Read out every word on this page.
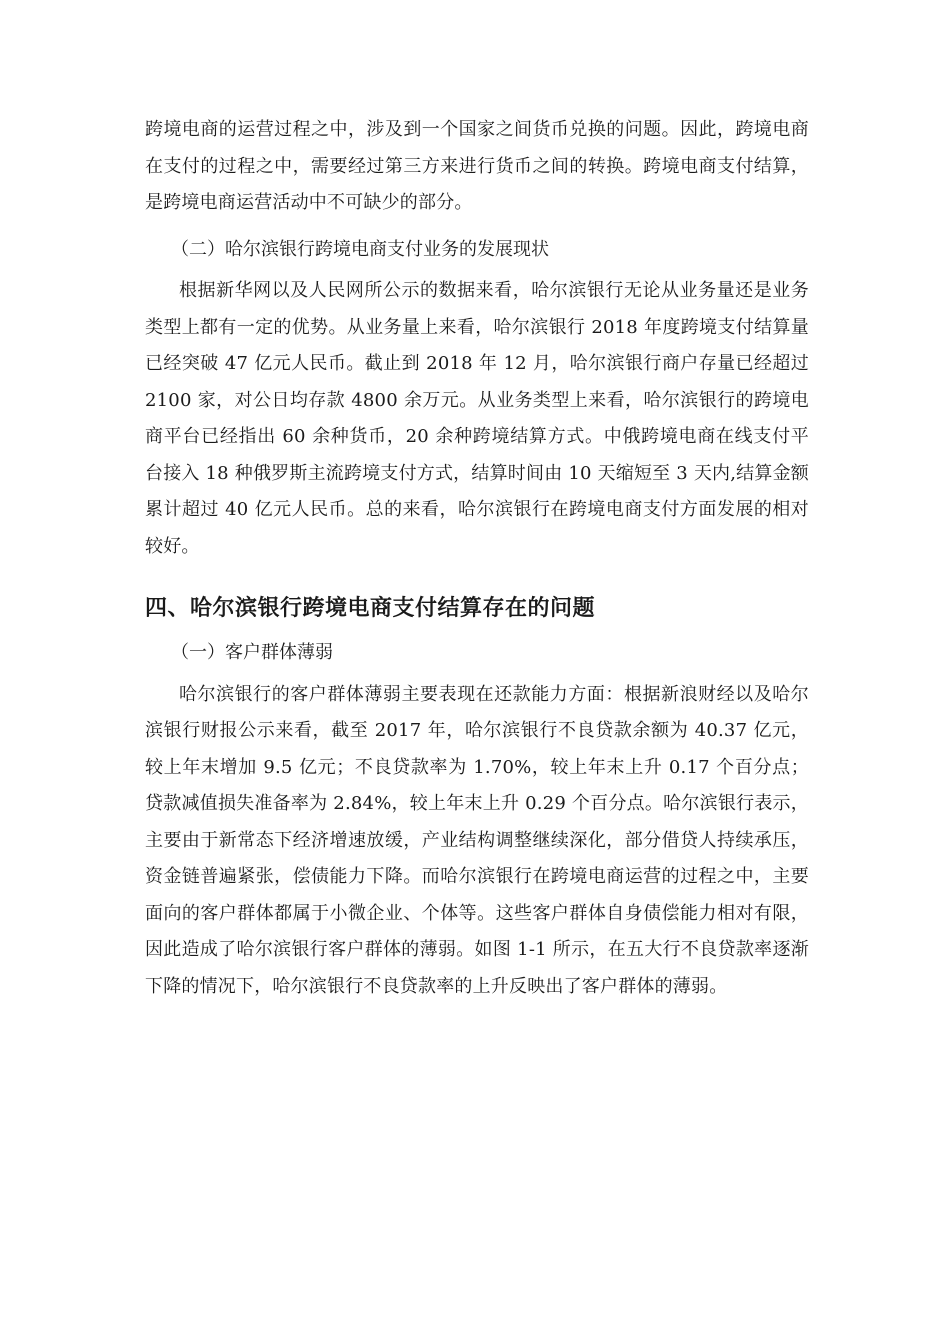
跨境电商的运营过程之中，涉及到一个国家之间货币兑换的问题。因此，跨境电商在支付的过程之中，需要经过第三方来进行货币之间的转换。跨境电商支付结算，是跨境电商运营活动中不可缺少的部分。

（二）哈尔滨银行跨境电商支付业务的发展现状

根据新华网以及人民网所公示的数据来看，哈尔滨银行无论从业务量还是业务类型上都有一定的优势。从业务量上来看，哈尔滨银行 2018 年度跨境支付结算量已经突破 47 亿元人民币。截止到 2018 年 12 月，哈尔滨银行商户存量已经超过 2100 家，对公日均存款 4800 余万元。从业务类型上来看，哈尔滨银行的跨境电商平台已经指出 60 余种货币，20 余种跨境结算方式。中俄跨境电商在线支付平台接入 18 种俄罗斯主流跨境支付方式，结算时间由 10 天缩短至 3 天内,结算金额累计超过 40 亿元人民币。总的来看，哈尔滨银行在跨境电商支付方面发展的相对较好。

四、哈尔滨银行跨境电商支付结算存在的问题

（一）客户群体薄弱

哈尔滨银行的客户群体薄弱主要表现在还款能力方面：根据新浪财经以及哈尔滨银行财报公示来看，截至 2017 年，哈尔滨银行不良贷款余额为 40.37 亿元，较上年末增加 9.5 亿元；不良贷款率为 1.70%，较上年末上升 0.17 个百分点；贷款减值损失准备率为 2.84%，较上年末上升 0.29 个百分点。哈尔滨银行表示，主要由于新常态下经济增速放缓，产业结构调整继续深化，部分借贷人持续承压，资金链普遍紧张，偿债能力下降。而哈尔滨银行在跨境电商运营的过程之中，主要面向的客户群体都属于小微企业、个体等。这些客户群体自身债偿能力相对有限，因此造成了哈尔滨银行客户群体的薄弱。如图 1-1 所示，在五大行不良贷款率逐渐下降的情况下，哈尔滨银行不良贷款率的上升反映出了客户群体的薄弱。
